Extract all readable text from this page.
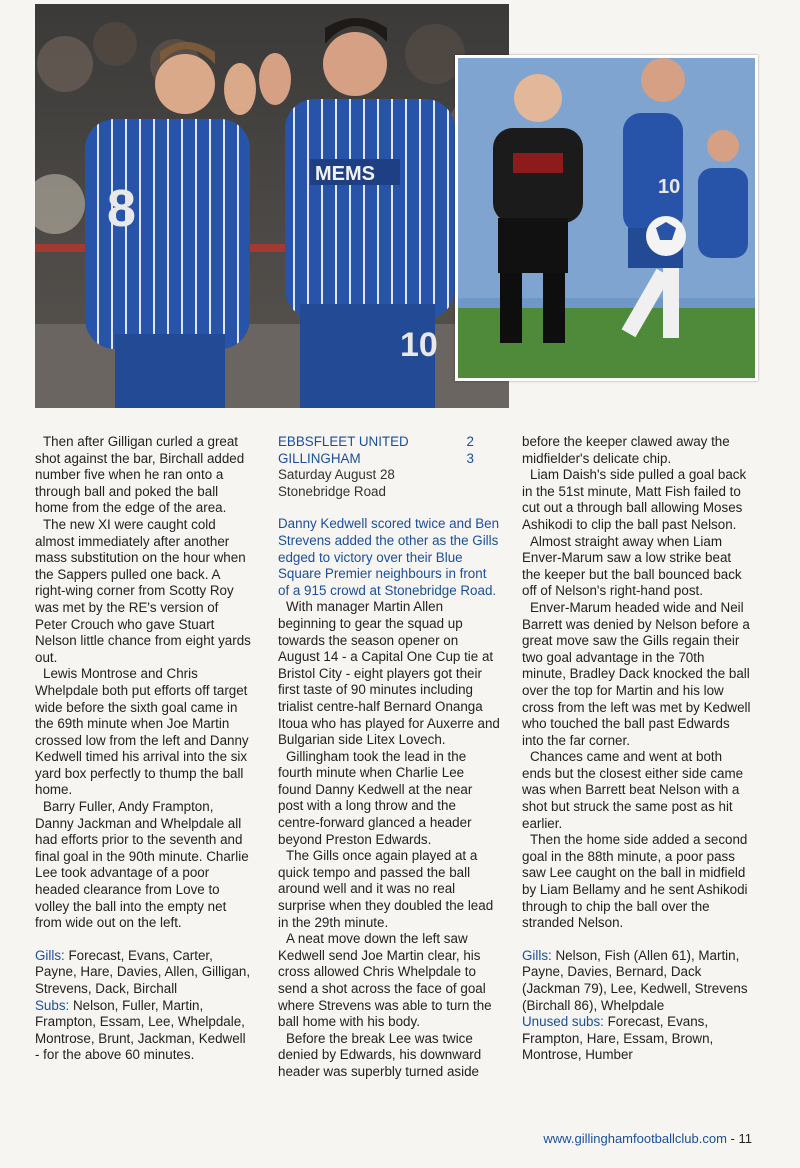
8
MEMS
10
10

Then after Gilligan curled a great shot against the bar, Birchall added number five when he ran onto a through ball and poked the ball home from the edge of the area.

The new XI were caught cold almost immediately after another mass substitution on the hour when the Sappers pulled one back. A right-wing corner from Scotty Roy was met by the RE's version of Peter Crouch who gave Stuart Nelson little chance from eight yards out.

Lewis Montrose and Chris Whelpdale both put efforts off target wide before the sixth goal came in the 69th minute when Joe Martin crossed low from the left and Danny Kedwell timed his arrival into the six yard box perfectly to thump the ball home.

Barry Fuller, Andy Frampton, Danny Jackman and Whelpdale all had efforts prior to the seventh and final goal in the 90th minute. Charlie Lee took advantage of a poor headed clearance from Love to volley the ball into the empty net from wide out on the left.

Gills: Forecast, Evans, Carter, Payne, Hare, Davies, Allen, Gilligan, Strevens, Dack, Birchall

Subs: Nelson, Fuller, Martin, Frampton, Essam, Lee, Whelpdale, Montrose, Brunt, Jackman, Kedwell - for the above 60 minutes.

EBBSFLEET UNITED	2
GILLINGHAM	3
Saturday August 28
Stonebridge Road

Danny Kedwell scored twice and Ben Strevens added the other as the Gills edged to victory over their Blue Square Premier neighbours in front of a 915 crowd at Stonebridge Road.

With manager Martin Allen beginning to gear the squad up towards the season opener on August 14 - a Capital One Cup tie at Bristol City - eight players got their first taste of 90 minutes including trialist centre-half Bernard Onanga Itoua who has played for Auxerre and Bulgarian side Litex Lovech.

Gillingham took the lead in the fourth minute when Charlie Lee found Danny Kedwell at the near post with a long throw and the centre-forward glanced a header beyond Preston Edwards.

The Gills once again played at a quick tempo and passed the ball around well and it was no real surprise when they doubled the lead in the 29th minute.

A neat move down the left saw Kedwell send Joe Martin clear, his cross allowed Chris Whelpdale to send a shot across the face of goal where Strevens was able to turn the ball home with his body.

Before the break Lee was twice denied by Edwards, his downward header was superbly turned aside

before the keeper clawed away the midfielder's delicate chip.

Liam Daish's side pulled a goal back in the 51st minute, Matt Fish failed to cut out a through ball allowing Moses Ashikodi to clip the ball past Nelson.

Almost straight away when Liam Enver-Marum saw a low strike beat the keeper but the ball bounced back off of Nelson's right-hand post.

Enver-Marum headed wide and Neil Barrett was denied by Nelson before a great move saw the Gills regain their two goal advantage in the 70th minute, Bradley Dack knocked the ball over the top for Martin and his low cross from the left was met by Kedwell who touched the ball past Edwards into the far corner.

Chances came and went at both ends but the closest either side came was when Barrett beat Nelson with a shot but struck the same post as hit earlier.

Then the home side added a second goal in the 88th minute, a poor pass saw Lee caught on the ball in midfield by Liam Bellamy and he sent Ashikodi through to chip the ball over the stranded Nelson.

Gills: Nelson, Fish (Allen 61), Martin, Payne, Davies, Bernard, Dack (Jackman 79), Lee, Kedwell, Strevens (Birchall 86), Whelpdale

Unused subs: Forecast, Evans, Frampton, Hare, Essam, Brown, Montrose, Humber

www.gillinghamfootballclub.com - 11
